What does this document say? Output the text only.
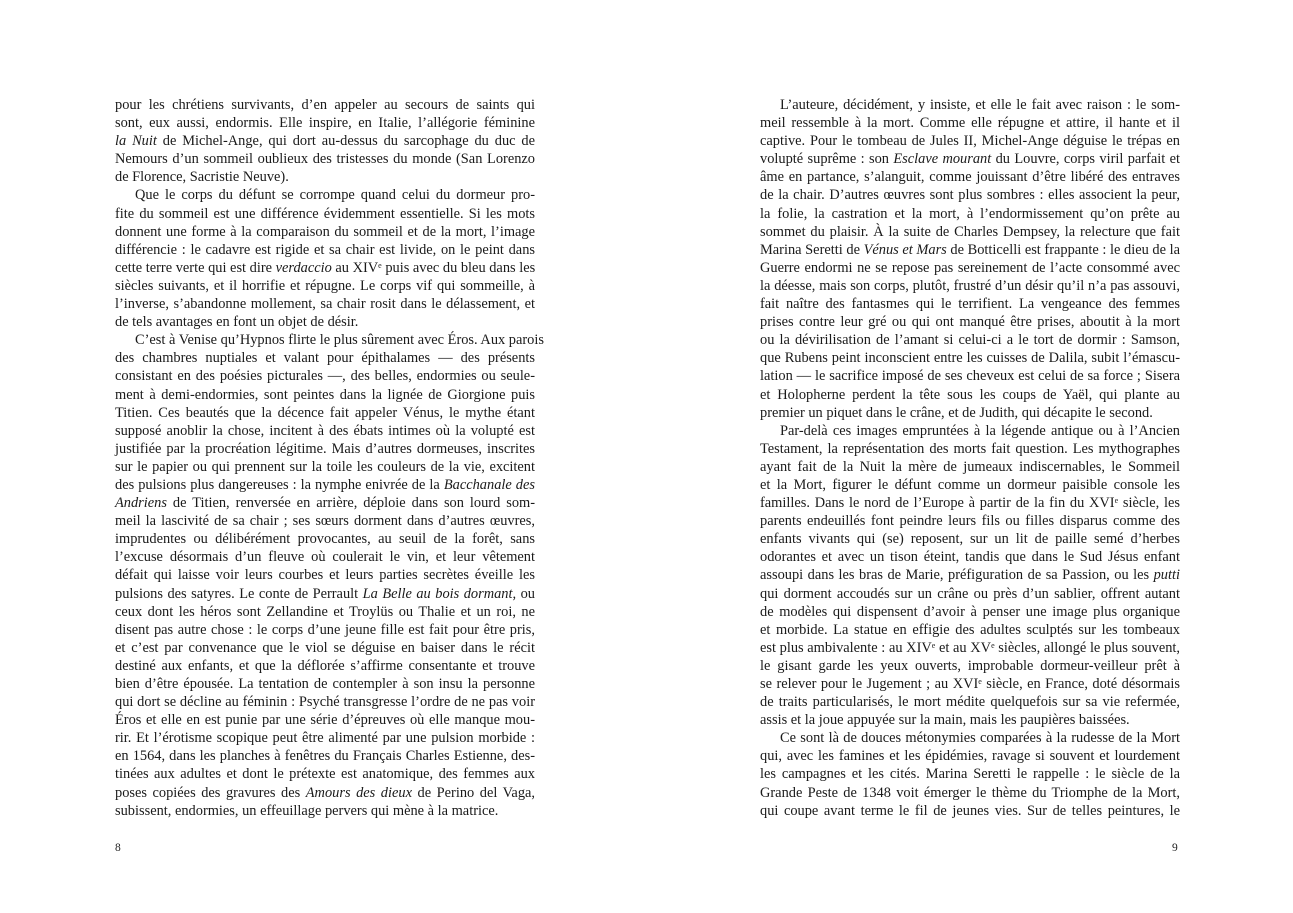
pour les chrétiens survivants, d’en appeler au secours de saints qui
sont, eux aussi, endormis. Elle inspire, en Italie, l’allégorie féminine
la Nuit de Michel-Ange, qui dort au-dessus du sarcophage du duc de
Nemours d’un sommeil oublieux des tristesses du monde (San Lorenzo
de Florence, Sacristie Neuve).
Que le corps du défunt se corrompe quand celui du dormeur pro-
fite du sommeil est une différence évidemment essentielle. Si les mots
donnent une forme à la comparaison du sommeil et de la mort, l’image
différencie : le cadavre est rigide et sa chair est livide, on le peint dans
cette terre verte qui est dire verdaccio au XIVe puis avec du bleu dans les
siècles suivants, et il horrifie et répugne. Le corps vif qui sommeille, à
l’inverse, s’abandonne mollement, sa chair rosit dans le délassement, et
de tels avantages en font un objet de désir.
C’est à Venise qu’Hypnos flirte le plus sûrement avec Éros. Aux parois
des chambres nuptiales et valant pour épithalames — des présents
consistant en des poésies picturales —, des belles, endormies ou seule-
ment à demi-endormies, sont peintes dans la lignée de Giorgione puis
Titien. Ces beautés que la décence fait appeler Vénus, le mythe étant
supposé anoblir la chose, incitent à des ébats intimes où la volupté est
justifiée par la procréation légitime. Mais d’autres dormeuses, inscrites
sur le papier ou qui prennent sur la toile les couleurs de la vie, excitent
des pulsions plus dangereuses : la nymphe enivrée de la Bacchanale des
Andriens de Titien, renversée en arrière, déploie dans son lourd som-
meil la lascivité de sa chair ; ses sœurs dorment dans d’autres œuvres,
imprudentes ou délibérément provocantes, au seuil de la forêt, sans
l’excuse désormais d’un fleuve où coulerait le vin, et leur vêtement
défait qui laisse voir leurs courbes et leurs parties secrètes éveille les
pulsions des satyres. Le conte de Perrault La Belle au bois dormant, ou
ceux dont les héros sont Zellandine et Troylüs ou Thalie et un roi, ne
disent pas autre chose : le corps d’une jeune fille est fait pour être pris,
et c’est par convenance que le viol se déguise en baiser dans le récit
destiné aux enfants, et que la déflorée s’affirme consentante et trouve
bien d’être épousée. La tentation de contempler à son insu la personne
qui dort se décline au féminin : Psyché transgresse l’ordre de ne pas voir
Éros et elle en est punie par une série d’épreuves où elle manque mou-
rir. Et l’érotisme scopique peut être alimenté par une pulsion morbide :
en 1564, dans les planches à fenêtres du Français Charles Estienne, des-
tinées aux adultes et dont le prétexte est anatomique, des femmes aux
poses copiées des gravures des Amours des dieux de Perino del Vaga,
subissent, endormies, un effeuillage pervers qui mène à la matrice.
8
L’auteure, décidément, y insiste, et elle le fait avec raison : le som-
meil ressemble à la mort. Comme elle répugne et attire, il hante et il
captive. Pour le tombeau de Jules II, Michel-Ange déguise le trépas en
volupté suprême : son Esclave mourant du Louvre, corps viril parfait et
âme en partance, s’alanguit, comme jouissant d’être libéré des entraves
de la chair. D’autres œuvres sont plus sombres : elles associent la peur,
la folie, la castration et la mort, à l’endormissement qu’on prête au
sommet du plaisir. À la suite de Charles Dempsey, la relecture que fait
Marina Seretti de Vénus et Mars de Botticelli est frappante : le dieu de la
Guerre endormi ne se repose pas sereinement de l’acte consommé avec
la déesse, mais son corps, plutôt, frustré d’un désir qu’il n’a pas assouvi,
fait naître des fantasmes qui le terrifient. La vengeance des femmes
prises contre leur gré ou qui ont manqué être prises, aboutit à la mort
ou la dévirilisation de l’amant si celui-ci a le tort de dormir : Samson,
que Rubens peint inconscient entre les cuisses de Dalila, subit l’émascu-
lation — le sacrifice imposé de ses cheveux est celui de sa force ; Sisera
et Holopherne perdent la tête sous les coups de Yaël, qui plante au
premier un piquet dans le crâne, et de Judith, qui décapite le second.
Par-delà ces images empruntées à la légende antique ou à l’Ancien
Testament, la représentation des morts fait question. Les mythographes
ayant fait de la Nuit la mère de jumeaux indiscernables, le Sommeil
et la Mort, figurer le défunt comme un dormeur paisible console les
familles. Dans le nord de l’Europe à partir de la fin du XVIe siècle, les
parents endeuillés font peindre leurs fils ou filles disparus comme des
enfants vivants qui (se) reposent, sur un lit de paille semé d’herbes
odorantes et avec un tison éteint, tandis que dans le Sud Jésus enfant
assoupi dans les bras de Marie, préfiguration de sa Passion, ou les putti
qui dorment accoudés sur un crâne ou près d’un sablier, offrent autant
de modèles qui dispensent d’avoir à penser une image plus organique
et morbide. La statue en effigie des adultes sculptés sur les tombeaux
est plus ambivalente : au XIVe et au XVe siècles, allongé le plus souvent,
le gisant garde les yeux ouverts, improbable dormeur-veilleur prêt à
se relever pour le Jugement ; au XVIe siècle, en France, doté désormais
de traits particularisés, le mort médite quelquefois sur sa vie refermée,
assis et la joue appuyée sur la main, mais les paupières baissées.
Ce sont là de douces métonymies comparées à la rudesse de la Mort
qui, avec les famines et les épidémies, ravage si souvent et lourdement
les campagnes et les cités. Marina Seretti le rappelle : le siècle de la
Grande Peste de 1348 voit émerger le thème du Triomphe de la Mort,
qui coupe avant terme le fil de jeunes vies. Sur de telles peintures, le
9
